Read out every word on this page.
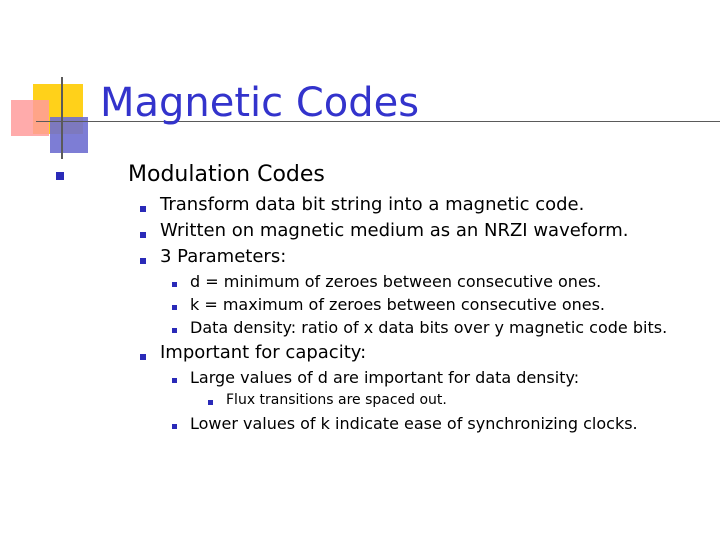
Magnetic Codes
Modulation Codes
Transform data bit string into a magnetic code.
Written on magnetic medium as an NRZI waveform.
3 Parameters:
d = minimum of zeroes between consecutive ones.
k = maximum of zeroes between consecutive ones.
Data density: ratio of x data bits over y magnetic code bits.
Important for capacity:
Large values of d are important for data density:
Flux transitions are spaced out.
Lower values of k indicate ease of synchronizing clocks.
